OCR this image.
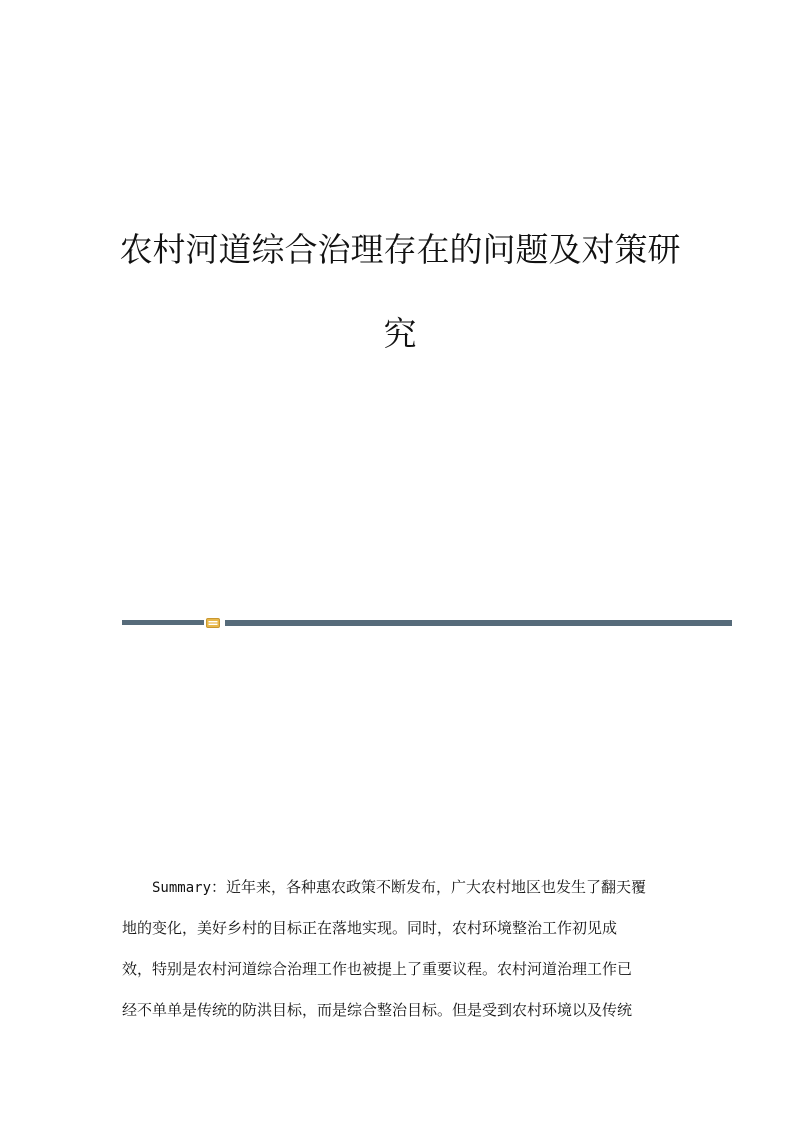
农村河道综合治理存在的问题及对策研
究
Summary：近年来，各种惠农政策不断发布，广大农村地区也发生了翻天覆
地的变化，美好乡村的目标正在落地实现。同时，农村环境整治工作初见成
效，特别是农村河道综合治理工作也被提上了重要议程。农村河道治理工作已
经不单单是传统的防洪目标，而是综合整治目标。但是受到农村环境以及传统
